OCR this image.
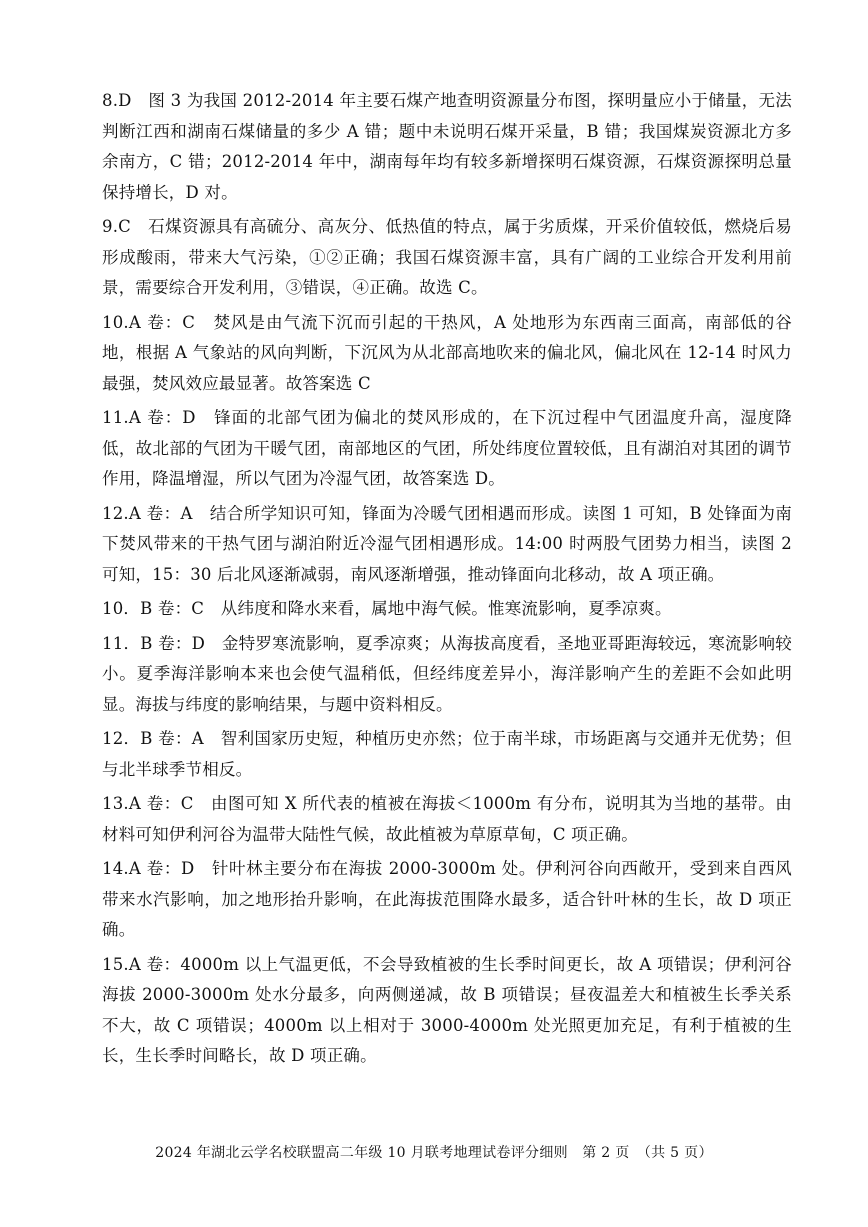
8.D　图 3 为我国 2012-2014 年主要石煤产地查明资源量分布图，探明量应小于储量，无法判断江西和湖南石煤储量的多少 A 错；题中未说明石煤开采量，B 错；我国煤炭资源北方多余南方，C 错；2012-2014 年中，湖南每年均有较多新增探明石煤资源，石煤资源探明总量保持增长，D 对。

9.C　石煤资源具有高硫分、高灰分、低热值的特点，属于劣质煤，开采价值较低，燃烧后易形成酸雨，带来大气污染，①②正确；我国石煤资源丰富，具有广阔的工业综合开发利用前景，需要综合开发利用，③错误，④正确。故选 C。

10.A 卷：C　焚风是由气流下沉而引起的干热风，A 处地形为东西南三面高，南部低的谷地，根据 A 气象站的风向判断，下沉风为从北部高地吹来的偏北风，偏北风在 12-14 时风力最强，焚风效应最显著。故答案选 C

11.A 卷：D　锋面的北部气团为偏北的焚风形成的，在下沉过程中气团温度升高，湿度降低，故北部的气团为干暖气团，南部地区的气团，所处纬度位置较低，且有湖泊对其团的调节作用，降温增湿，所以气团为冷湿气团，故答案选 D。

12.A 卷：A　结合所学知识可知，锋面为冷暖气团相遇而形成。读图 1 可知，B 处锋面为南下焚风带来的干热气团与湖泊附近冷湿气团相遇形成。14:00 时两股气团势力相当，读图 2 可知，15：30 后北风逐渐减弱，南风逐渐增强，推动锋面向北移动，故 A 项正确。

10．B 卷：C　从纬度和降水来看，属地中海气候。惟寒流影响，夏季凉爽。

11．B 卷：D　金特罗寒流影响，夏季凉爽；从海拔高度看，圣地亚哥距海较远，寒流影响较小。夏季海洋影响本来也会使气温稍低，但经纬度差异小，海洋影响产生的差距不会如此明显。海拔与纬度的影响结果，与题中资料相反。

12．B 卷：A　智利国家历史短，种植历史亦然；位于南半球，市场距离与交通并无优势；但与北半球季节相反。

13.A 卷：C　由图可知 X 所代表的植被在海拔＜1000m 有分布，说明其为当地的基带。由材料可知伊利河谷为温带大陆性气候，故此植被为草原草甸，C 项正确。

14.A 卷：D　针叶林主要分布在海拔 2000-3000m 处。伊利河谷向西敞开，受到来自西风带来水汽影响，加之地形抬升影响，在此海拔范围降水最多，适合针叶林的生长，故 D 项正确。

15.A 卷：4000m 以上气温更低，不会导致植被的生长季时间更长，故 A 项错误；伊利河谷海拔 2000-3000m 处水分最多，向两侧递减，故 B 项错误；昼夜温差大和植被生长季关系不大，故 C 项错误；4000m 以上相对于 3000-4000m 处光照更加充足，有利于植被的生长，生长季时间略长，故 D 项正确。

2024 年湖北云学名校联盟高二年级 10 月联考地理试卷评分细则　第 2 页　（共 5 页）
